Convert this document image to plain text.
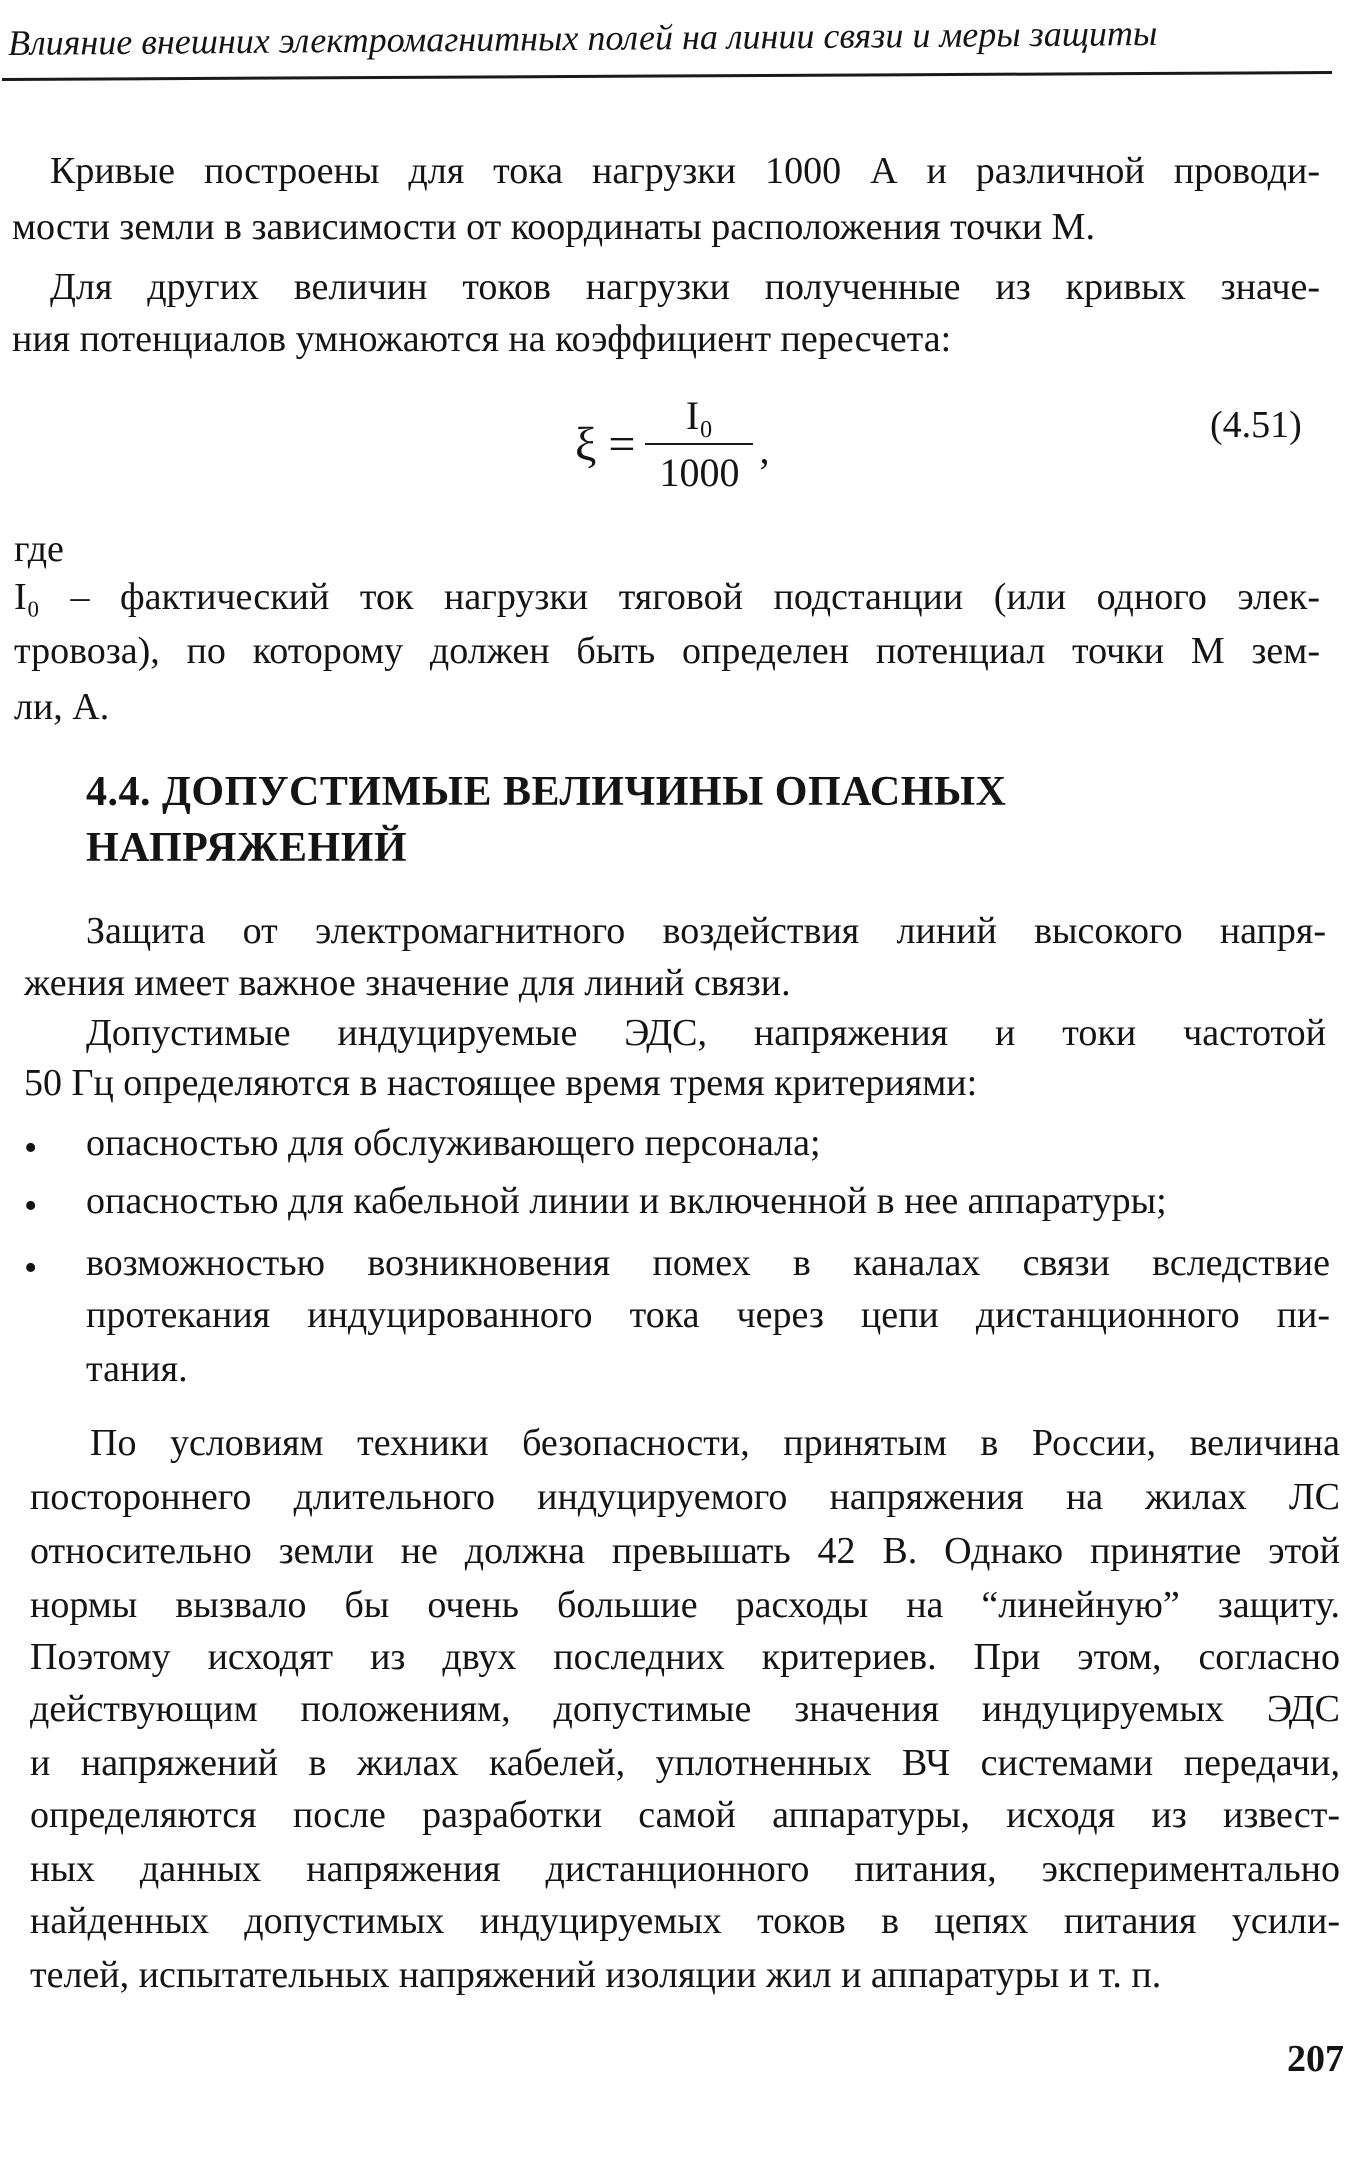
Влияние внешних электромагнитных полей на линии связи и меры защиты
Кривые построены для тока нагрузки 1000 А и различной проводи-
мости земли в зависимости от координаты расположения точки М.
Для других величин токов нагрузки полученные из кривых значе-
ния потенциалов умножаются на коэффициент пересчета:
$\xi = \frac{\text{I₀}}{1000}$ ,
(4.51)
где
I₀ – фактический ток нагрузки тяговой подстанции (или одного элек-
тровоза), по которому должен быть определен потенциал точки М зем-
ли, А.
4.4. ДОПУСТИМЫЕ ВЕЛИЧИНЫ ОПАСНЫХ
НАПРЯЖЕНИЙ
Защита от электромагнитного воздействия линий высокого напря-
жения имеет важное значение для линий связи.
Допустимые индуцируемые ЭДС, напряжения и токи частотой
50 Гц определяются в настоящее время тремя критериями:
• опасностью для обслуживающего персонала;
• опасностью для кабельной линии и включенной в нее аппаратуры;
• возможностью возникновения помех в каналах связи вследствие
протекания индуцированного тока через цепи дистанционного пи-
тания.
По условиям техники безопасности, принятым в России, величина
постороннего длительного индуцируемого напряжения на жилах ЛС
относительно земли не должна превышать 42 В. Однако принятие этой
нормы вызвало бы очень большие расходы на “линейную” защиту.
Поэтому исходят из двух последних критериев. При этом, согласно
действующим положениям, допустимые значения индуцируемых ЭДС
и напряжений в жилах кабелей, уплотненных ВЧ системами передачи,
определяются после разработки самой аппаратуры, исходя из извест-
ных данных напряжения дистанционного питания, экспериментально
найденных допустимых индуцируемых токов в цепях питания усили-
телей, испытательных напряжений изоляции жил и аппаратуры и т. п.
207
